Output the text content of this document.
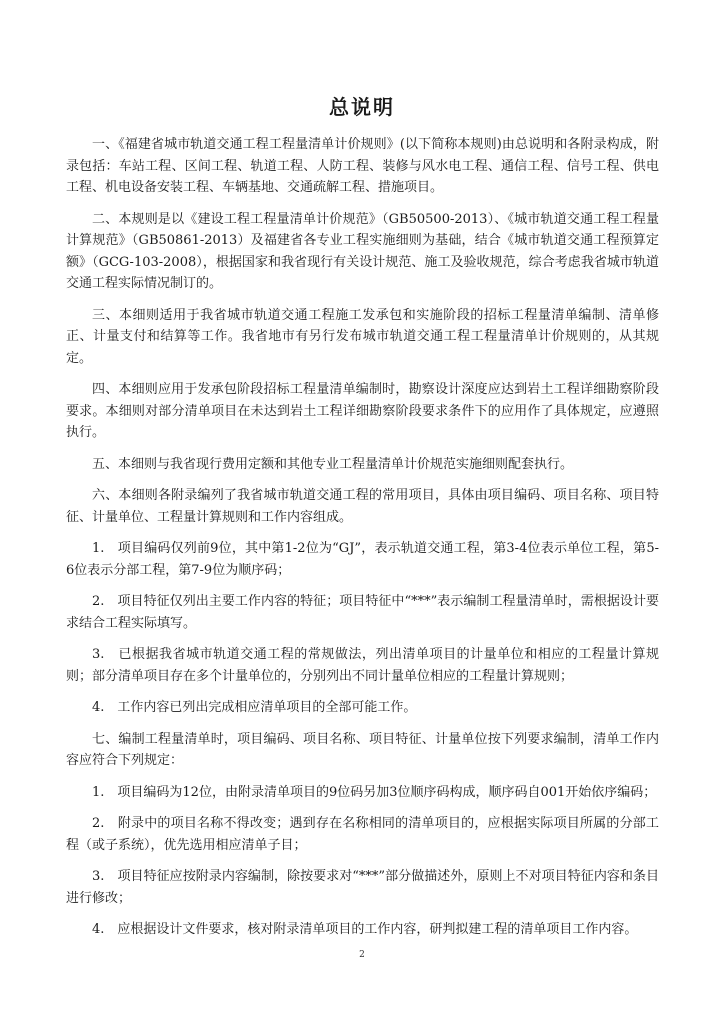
总说明

一、《福建省城市轨道交通工程工程量清单计价规则》(以下简称本规则)由总说明和各附录构成，附录包括：车站工程、区间工程、轨道工程、人防工程、装修与风水电工程、通信工程、信号工程、供电工程、机电设备安装工程、车辆基地、交通疏解工程、措施项目。

二、本规则是以《建设工程工程量清单计价规范》（GB50500-2013）、《城市轨道交通工程工程量计算规范》（GB50861-2013）及福建省各专业工程实施细则为基础，结合《城市轨道交通工程预算定额》（GCG-103-2008），根据国家和我省现行有关设计规范、施工及验收规范，综合考虑我省城市轨道交通工程实际情况制订的。

三、本细则适用于我省城市轨道交通工程施工发承包和实施阶段的招标工程量清单编制、清单修正、计量支付和结算等工作。我省地市有另行发布城市轨道交通工程工程量清单计价规则的，从其规定。

四、本细则应用于发承包阶段招标工程量清单编制时，勘察设计深度应达到岩土工程详细勘察阶段要求。本细则对部分清单项目在未达到岩土工程详细勘察阶段要求条件下的应用作了具体规定，应遵照执行。

五、本细则与我省现行费用定额和其他专业工程量清单计价规范实施细则配套执行。

六、本细则各附录编列了我省城市轨道交通工程的常用项目，具体由项目编码、项目名称、项目特征、计量单位、工程量计算规则和工作内容组成。

1.　项目编码仅列前9位，其中第1-2位为“GJ”，表示轨道交通工程，第3-4位表示单位工程，第5-6位表示分部工程，第7-9位为顺序码；

2.　项目特征仅列出主要工作内容的特征；项目特征中“***”表示编制工程量清单时，需根据设计要求结合工程实际填写。

3.　已根据我省城市轨道交通工程的常规做法，列出清单项目的计量单位和相应的工程量计算规则；部分清单项目存在多个计量单位的，分别列出不同计量单位相应的工程量计算规则；

4.　工作内容已列出完成相应清单项目的全部可能工作。

七、编制工程量清单时，项目编码、项目名称、项目特征、计量单位按下列要求编制，清单工作内容应符合下列规定：

1.　项目编码为12位，由附录清单项目的9位码另加3位顺序码构成，顺序码自001开始依序编码；

2.　附录中的项目名称不得改变；遇到存在名称相同的清单项目的，应根据实际项目所属的分部工程（或子系统），优先选用相应清单子目；

3.　项目特征应按附录内容编制，除按要求对“***”部分做描述外，原则上不对项目特征内容和条目进行修改；

4.　应根据设计文件要求，核对附录清单项目的工作内容，研判拟建工程的清单项目工作内容。

2
